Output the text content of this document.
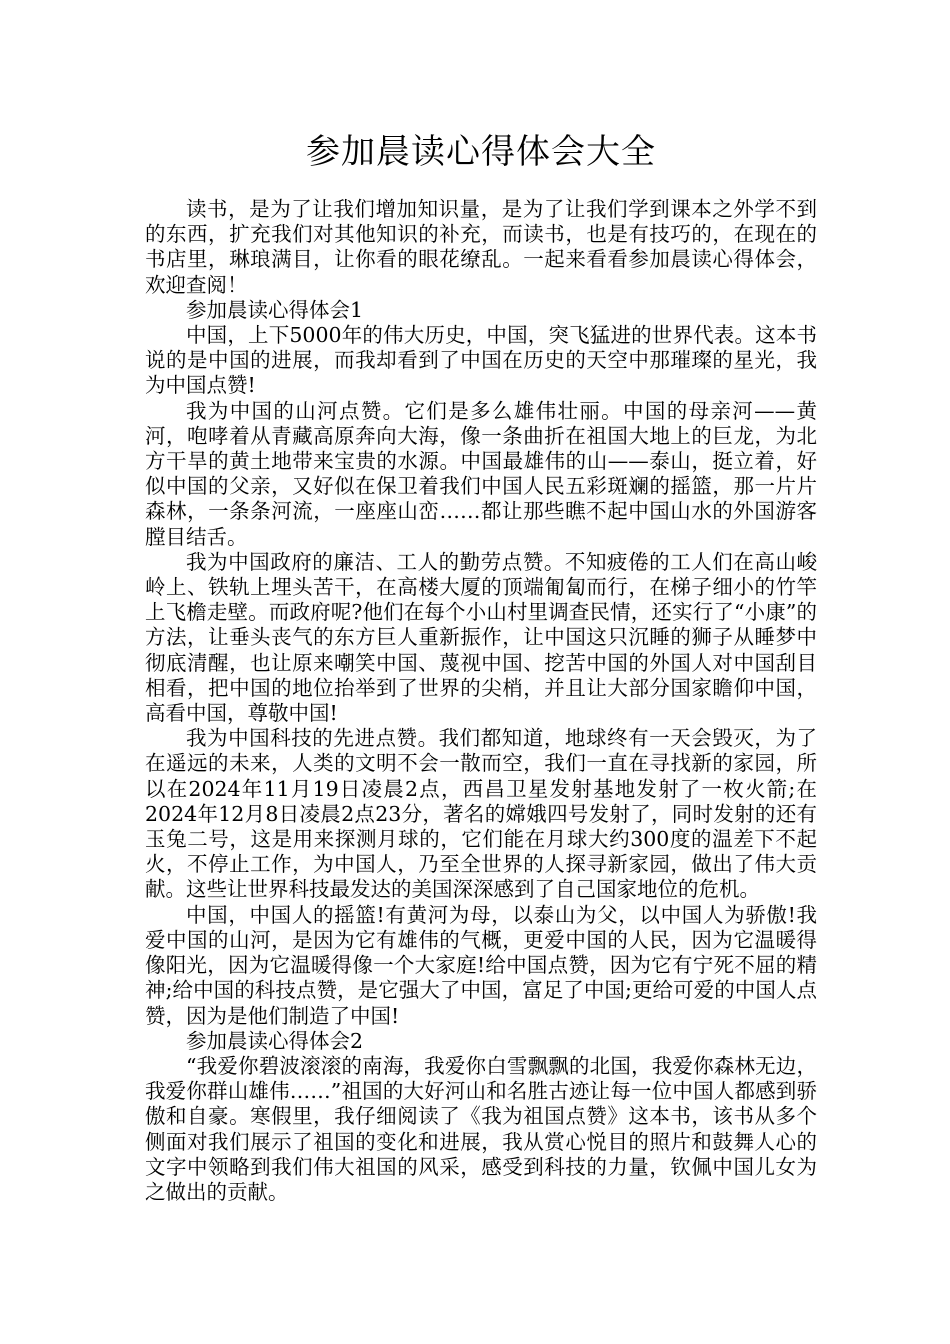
参加晨读心得体会大全

读书，是为了让我们增加知识量，是为了让我们学到课本之外学不到的东西，扩充我们对其他知识的补充，而读书，也是有技巧的，在现在的书店里，琳琅满目，让你看的眼花缭乱。一起来看看参加晨读心得体会，欢迎查阅！

参加晨读心得体会1

中国，上下5000年的伟大历史，中国，突飞猛进的世界代表。这本书说的是中国的进展，而我却看到了中国在历史的天空中那璀璨的星光，我为中国点赞!

我为中国的山河点赞。它们是多么雄伟壮丽。中国的母亲河——黄河，咆哮着从青藏高原奔向大海，像一条曲折在祖国大地上的巨龙，为北方干旱的黄土地带来宝贵的水源。中国最雄伟的山——泰山，挺立着，好似中国的父亲，又好似在保卫着我们中国人民五彩斑斓的摇篮，那一片片森林，一条条河流，一座座山峦……都让那些瞧不起中国山水的外国游客膛目结舌。

我为中国政府的廉洁、工人的勤劳点赞。不知疲倦的工人们在高山峻岭上、铁轨上埋头苦干，在高楼大厦的顶端匍匐而行，在梯子细小的竹竿上飞檐走壁。而政府呢?他们在每个小山村里调查民情，还实行了“小康”的方法，让垂头丧气的东方巨人重新振作，让中国这只沉睡的狮子从睡梦中彻底清醒，也让原来嘲笑中国、蔑视中国、挖苦中国的外国人对中国刮目相看，把中国的地位抬举到了世界的尖梢，并且让大部分国家瞻仰中国，高看中国，尊敬中国!

我为中国科技的先进点赞。我们都知道，地球终有一天会毁灭，为了在遥远的未来，人类的文明不会一散而空，我们一直在寻找新的家园，所以在2024年11月19日凌晨2点，西昌卫星发射基地发射了一枚火箭;在2024年12月8日凌晨2点23分，著名的嫦娥四号发射了，同时发射的还有玉兔二号，这是用来探测月球的，它们能在月球大约300度的温差下不起火，不停止工作，为中国人，乃至全世界的人探寻新家园，做出了伟大贡献。这些让世界科技最发达的美国深深感到了自己国家地位的危机。

中国，中国人的摇篮!有黄河为母，以泰山为父，以中国人为骄傲!我爱中国的山河，是因为它有雄伟的气概，更爱中国的人民，因为它温暖得像阳光，因为它温暖得像一个大家庭!给中国点赞，因为它有宁死不屈的精神;给中国的科技点赞，是它强大了中国，富足了中国;更给可爱的中国人点赞，因为是他们制造了中国!

参加晨读心得体会2

“我爱你碧波滚滚的南海，我爱你白雪飘飘的北国，我爱你森林无边，我爱你群山雄伟……”祖国的大好河山和名胜古迹让每一位中国人都感到骄傲和自豪。寒假里，我仔细阅读了《我为祖国点赞》这本书，该书从多个侧面对我们展示了祖国的变化和进展，我从赏心悦目的照片和鼓舞人心的文字中领略到我们伟大祖国的风采，感受到科技的力量，钦佩中国儿女为之做出的贡献。
